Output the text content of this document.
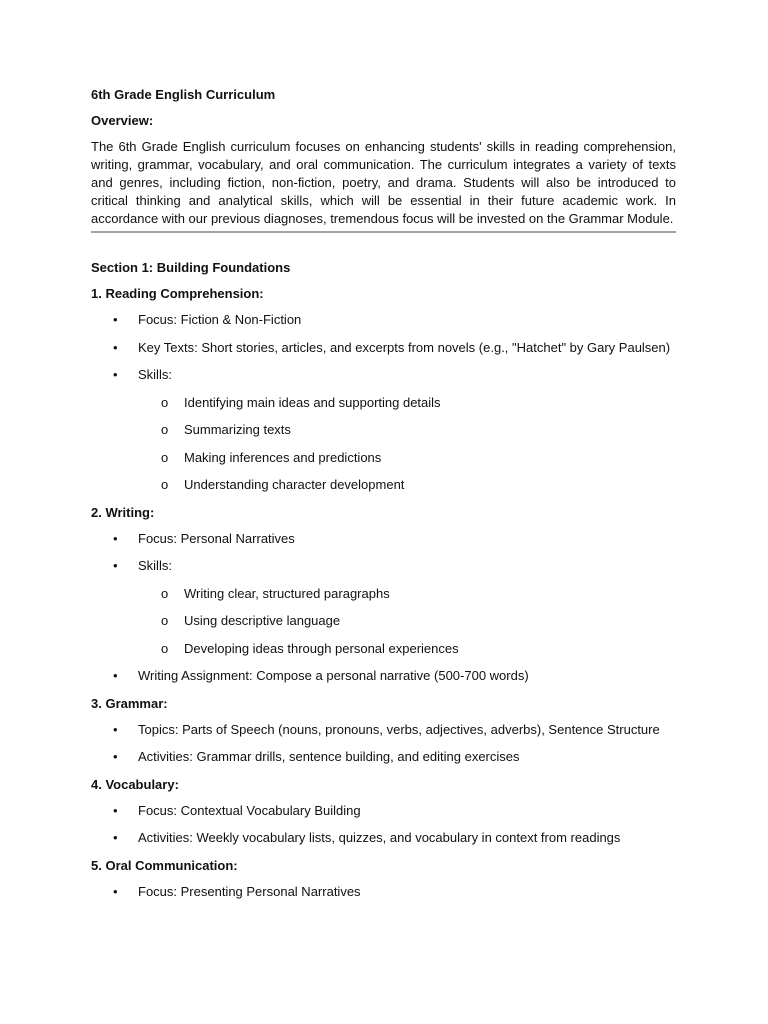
6th Grade English Curriculum
Overview:

The 6th Grade English curriculum focuses on enhancing students' skills in reading comprehension, writing, grammar, vocabulary, and oral communication. The curriculum integrates a variety of texts and genres, including fiction, non-fiction, poetry, and drama. Students will also be introduced to critical thinking and analytical skills, which will be essential in their future academic work. In accordance with our previous diagnoses, tremendous focus will be invested on the Grammar Module.

Section 1: Building Foundations
1. Reading Comprehension:
• Focus: Fiction & Non-Fiction
• Key Texts: Short stories, articles, and excerpts from novels (e.g., "Hatchet" by Gary Paulsen)
• Skills:
o Identifying main ideas and supporting details
o Summarizing texts
o Making inferences and predictions
o Understanding character development
2. Writing:
• Focus: Personal Narratives
• Skills:
o Writing clear, structured paragraphs
o Using descriptive language
o Developing ideas through personal experiences
• Writing Assignment: Compose a personal narrative (500-700 words)
3. Grammar:
• Topics: Parts of Speech (nouns, pronouns, verbs, adjectives, adverbs), Sentence Structure
• Activities: Grammar drills, sentence building, and editing exercises
4. Vocabulary:
• Focus: Contextual Vocabulary Building
• Activities: Weekly vocabulary lists, quizzes, and vocabulary in context from readings
5. Oral Communication:
• Focus: Presenting Personal Narratives
